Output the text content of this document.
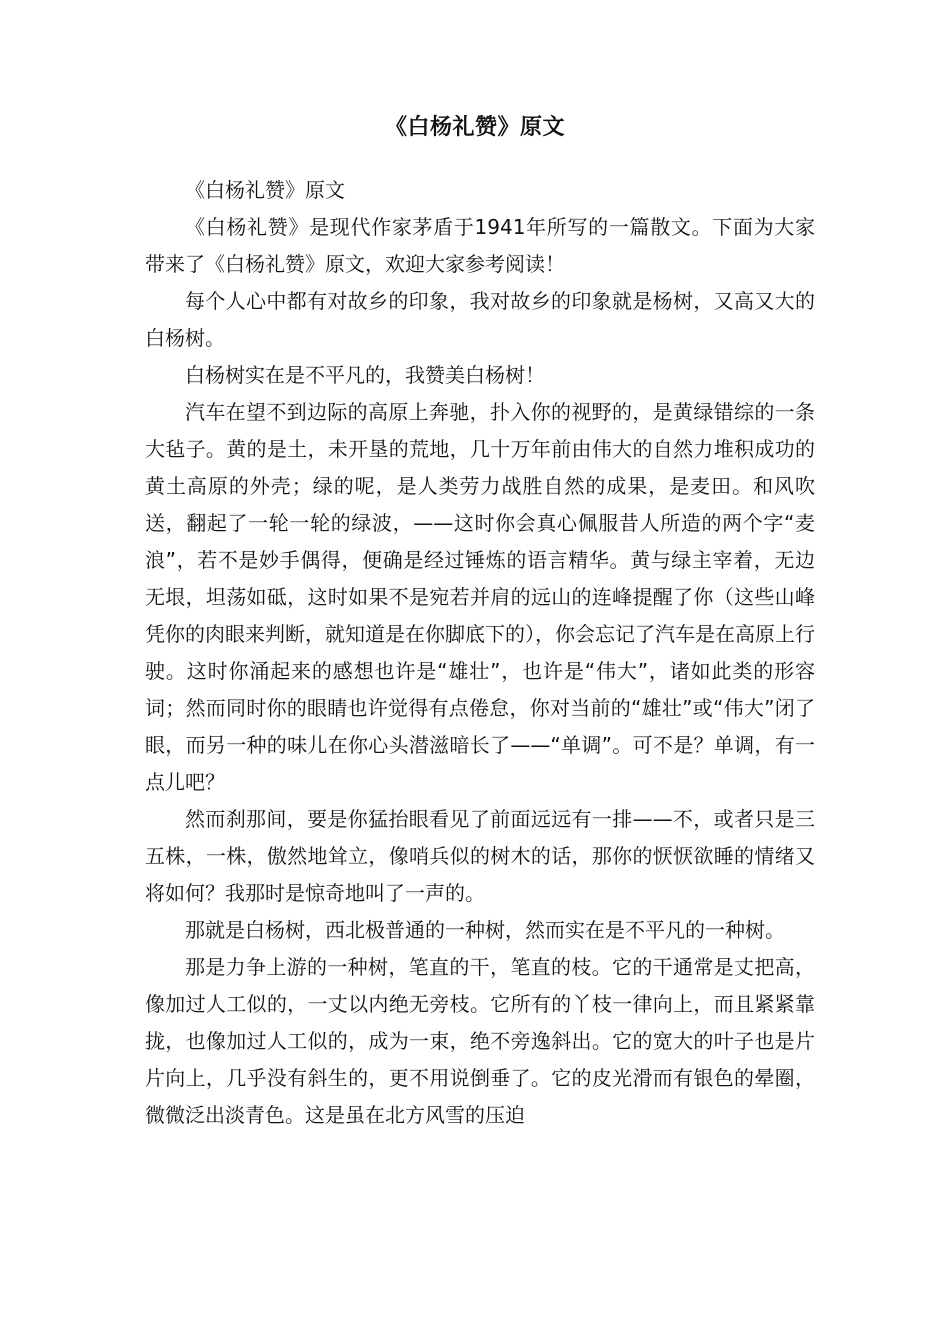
《白杨礼赞》原文

《白杨礼赞》原文

《白杨礼赞》是现代作家茅盾于1941年所写的一篇散文。下面为大家带来了《白杨礼赞》原文，欢迎大家参考阅读！

每个人心中都有对故乡的印象，我对故乡的印象就是杨树，又高又大的白杨树。

白杨树实在是不平凡的，我赞美白杨树！

汽车在望不到边际的高原上奔驰，扑入你的视野的，是黄绿错综的一条大毡子。黄的是土，未开垦的荒地，几十万年前由伟大的自然力堆积成功的黄土高原的外壳；绿的呢，是人类劳力战胜自然的成果，是麦田。和风吹送，翻起了一轮一轮的绿波，——这时你会真心佩服昔人所造的两个字“麦浪”，若不是妙手偶得，便确是经过锤炼的语言精华。黄与绿主宰着，无边无垠，坦荡如砥，这时如果不是宛若并肩的远山的连峰提醒了你（这些山峰凭你的肉眼来判断，就知道是在你脚底下的），你会忘记了汽车是在高原上行驶。这时你涌起来的感想也许是“雄壮”，也许是“伟大”，诸如此类的形容词；然而同时你的眼睛也许觉得有点倦怠，你对当前的“雄壮”或“伟大”闭了眼，而另一种的味儿在你心头潜滋暗长了——“单调”。可不是？单调，有一点儿吧？

然而刹那间，要是你猛抬眼看见了前面远远有一排——不，或者只是三五株，一株，傲然地耸立，像哨兵似的树木的话，那你的恹恹欲睡的情绪又将如何？我那时是惊奇地叫了一声的。

那就是白杨树，西北极普通的一种树，然而实在是不平凡的一种树。

那是力争上游的一种树，笔直的干，笔直的枝。它的干通常是丈把高，像加过人工似的，一丈以内绝无旁枝。它所有的丫枝一律向上，而且紧紧靠拢，也像加过人工似的，成为一束，绝不旁逸斜出。它的宽大的叶子也是片片向上，几乎没有斜生的，更不用说倒垂了。它的皮光滑而有银色的晕圈，微微泛出淡青色。这是虽在北方风雪的压迫
